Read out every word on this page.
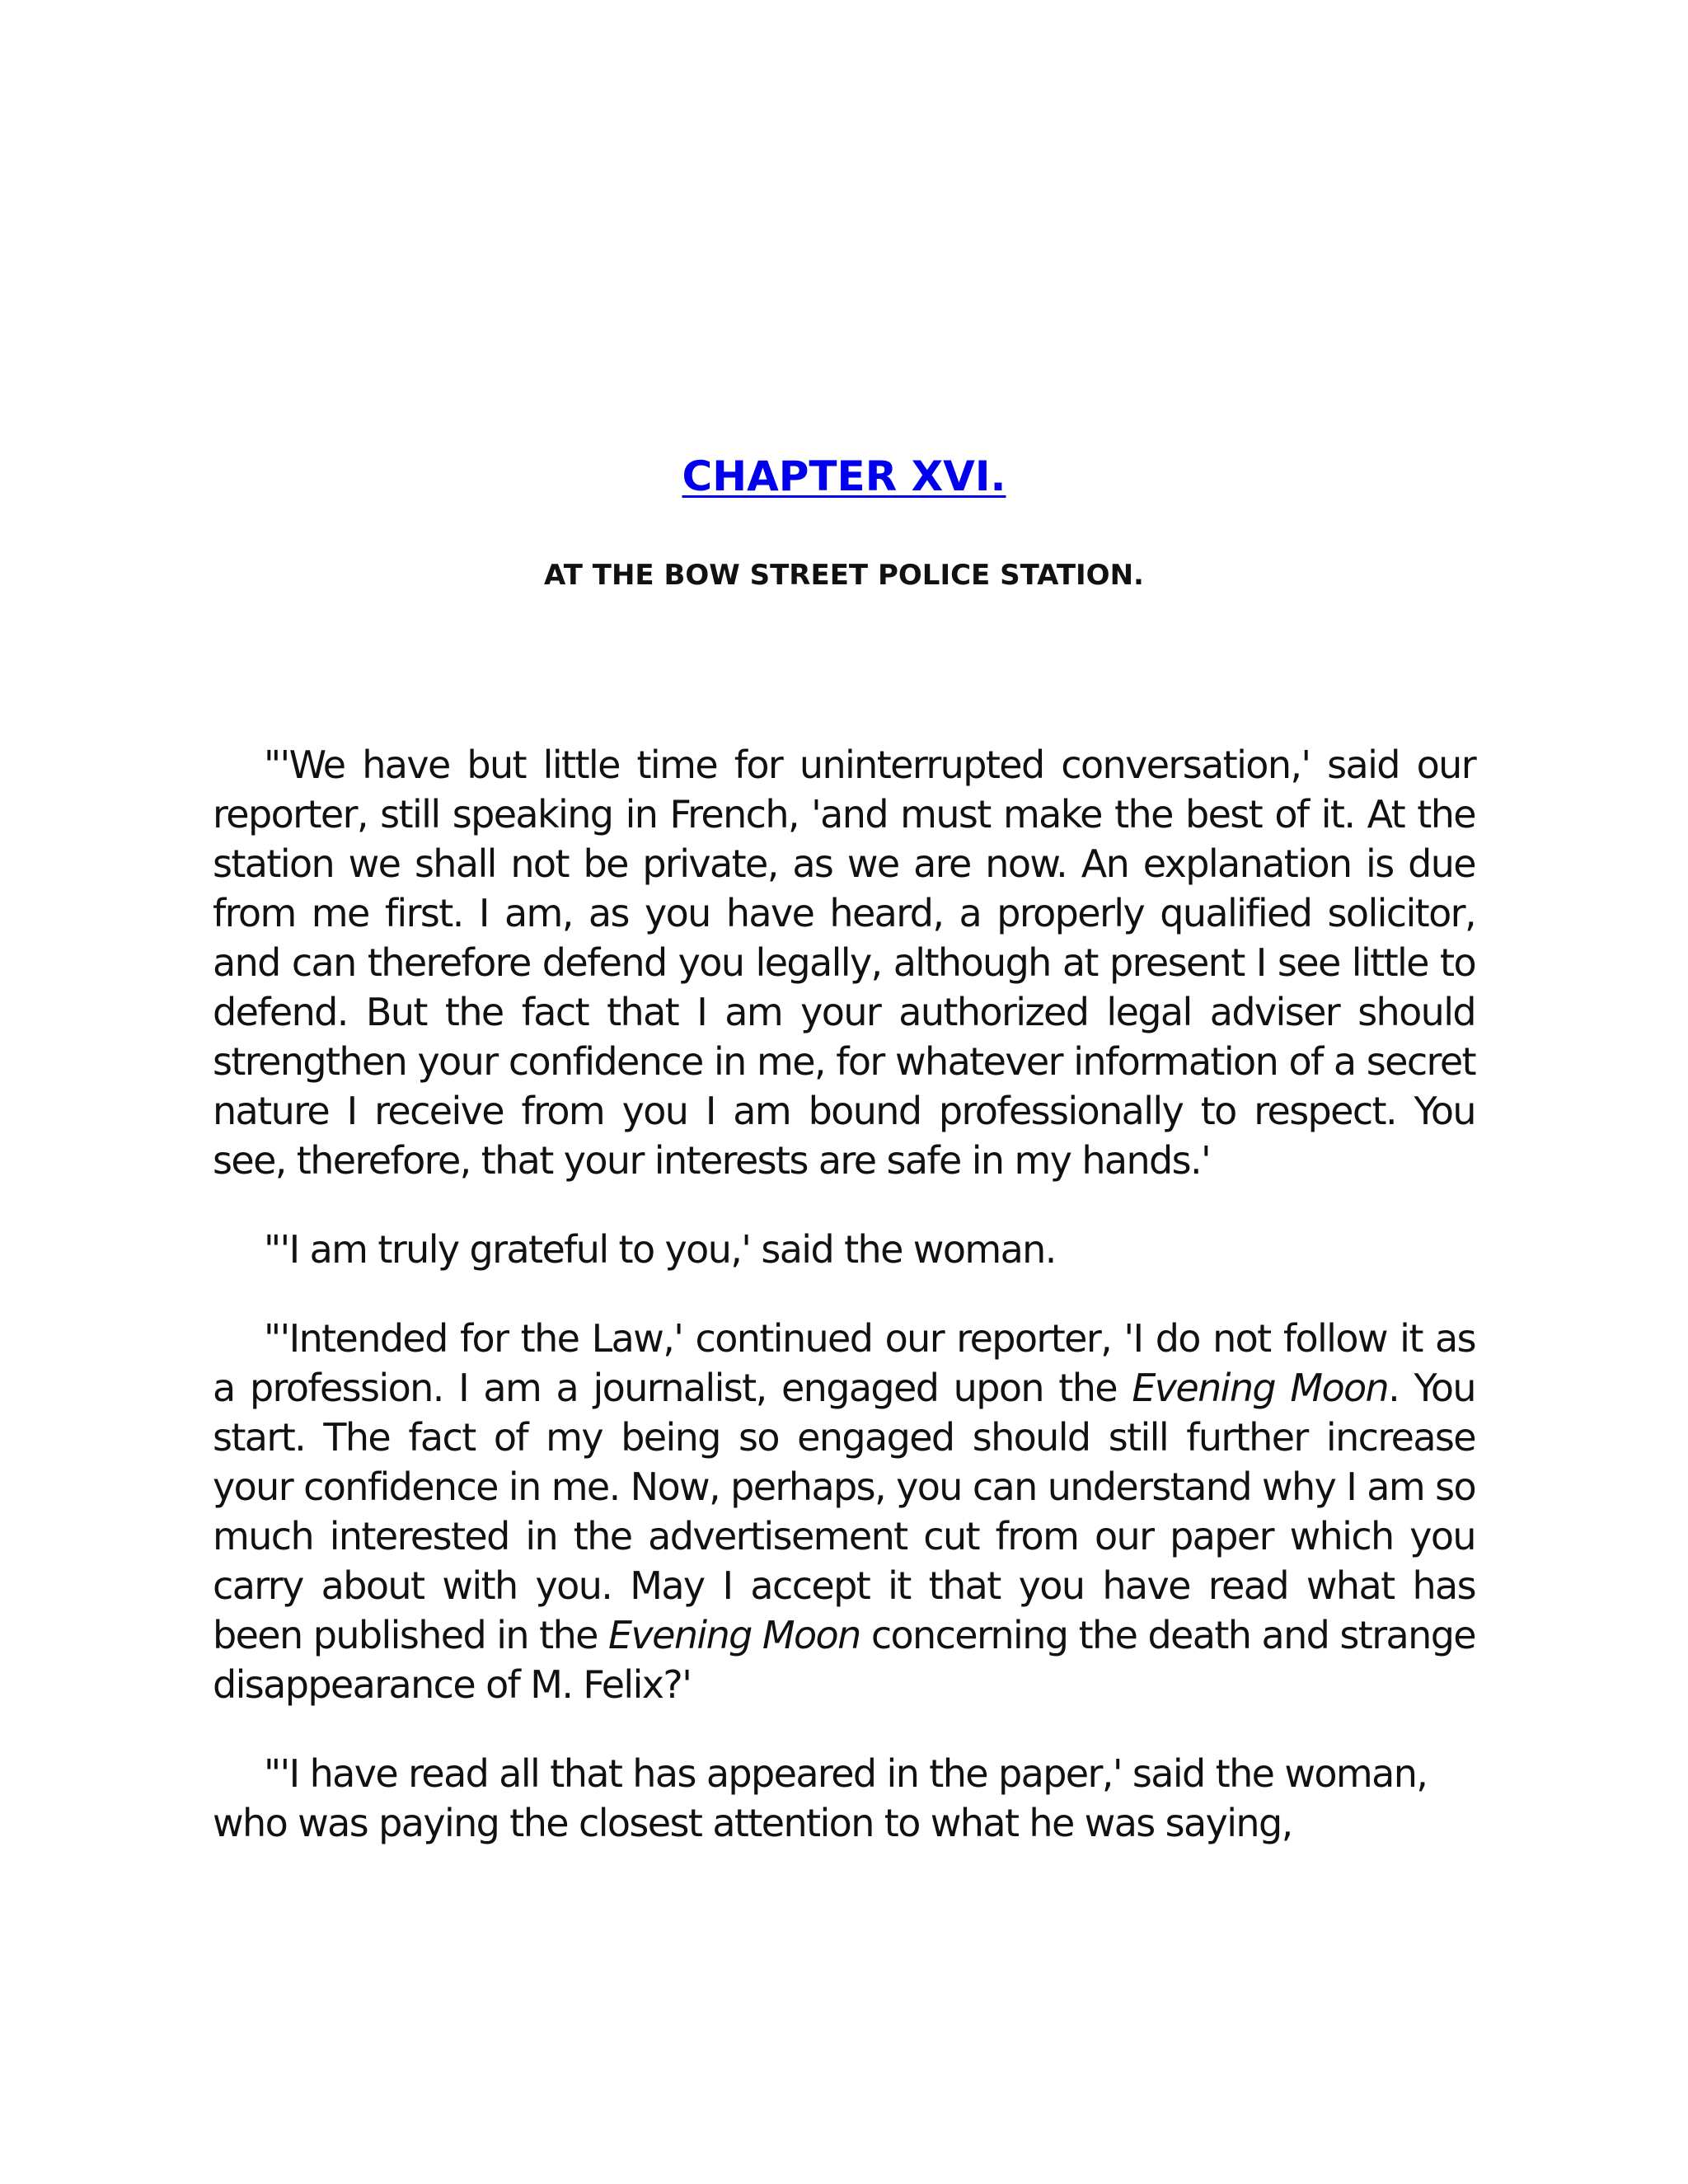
CHAPTER XVI.
AT THE BOW STREET POLICE STATION.

"'We have but little time for uninterrupted conversation,' said our reporter, still speaking in French, 'and must make the best of it. At the station we shall not be private, as we are now. An explanation is due from me first. I am, as you have heard, a properly qualified solicitor, and can therefore defend you legally, although at present I see little to defend. But the fact that I am your authorized legal adviser should strengthen your confidence in me, for whatever information of a secret nature I receive from you I am bound professionally to respect. You see, therefore, that your interests are safe in my hands.'

"'I am truly grateful to you,' said the woman.

"'Intended for the Law,' continued our reporter, 'I do not follow it as a profession. I am a journalist, engaged upon the Evening Moon. You start. The fact of my being so engaged should still further increase your confidence in me. Now, perhaps, you can understand why I am so much interested in the advertisement cut from our paper which you carry about with you. May I accept it that you have read what has been published in the Evening Moon concerning the death and strange disappearance of M. Felix?'

"'I have read all that has appeared in the paper,' said the woman, who was paying the closest attention to what he was saying,
